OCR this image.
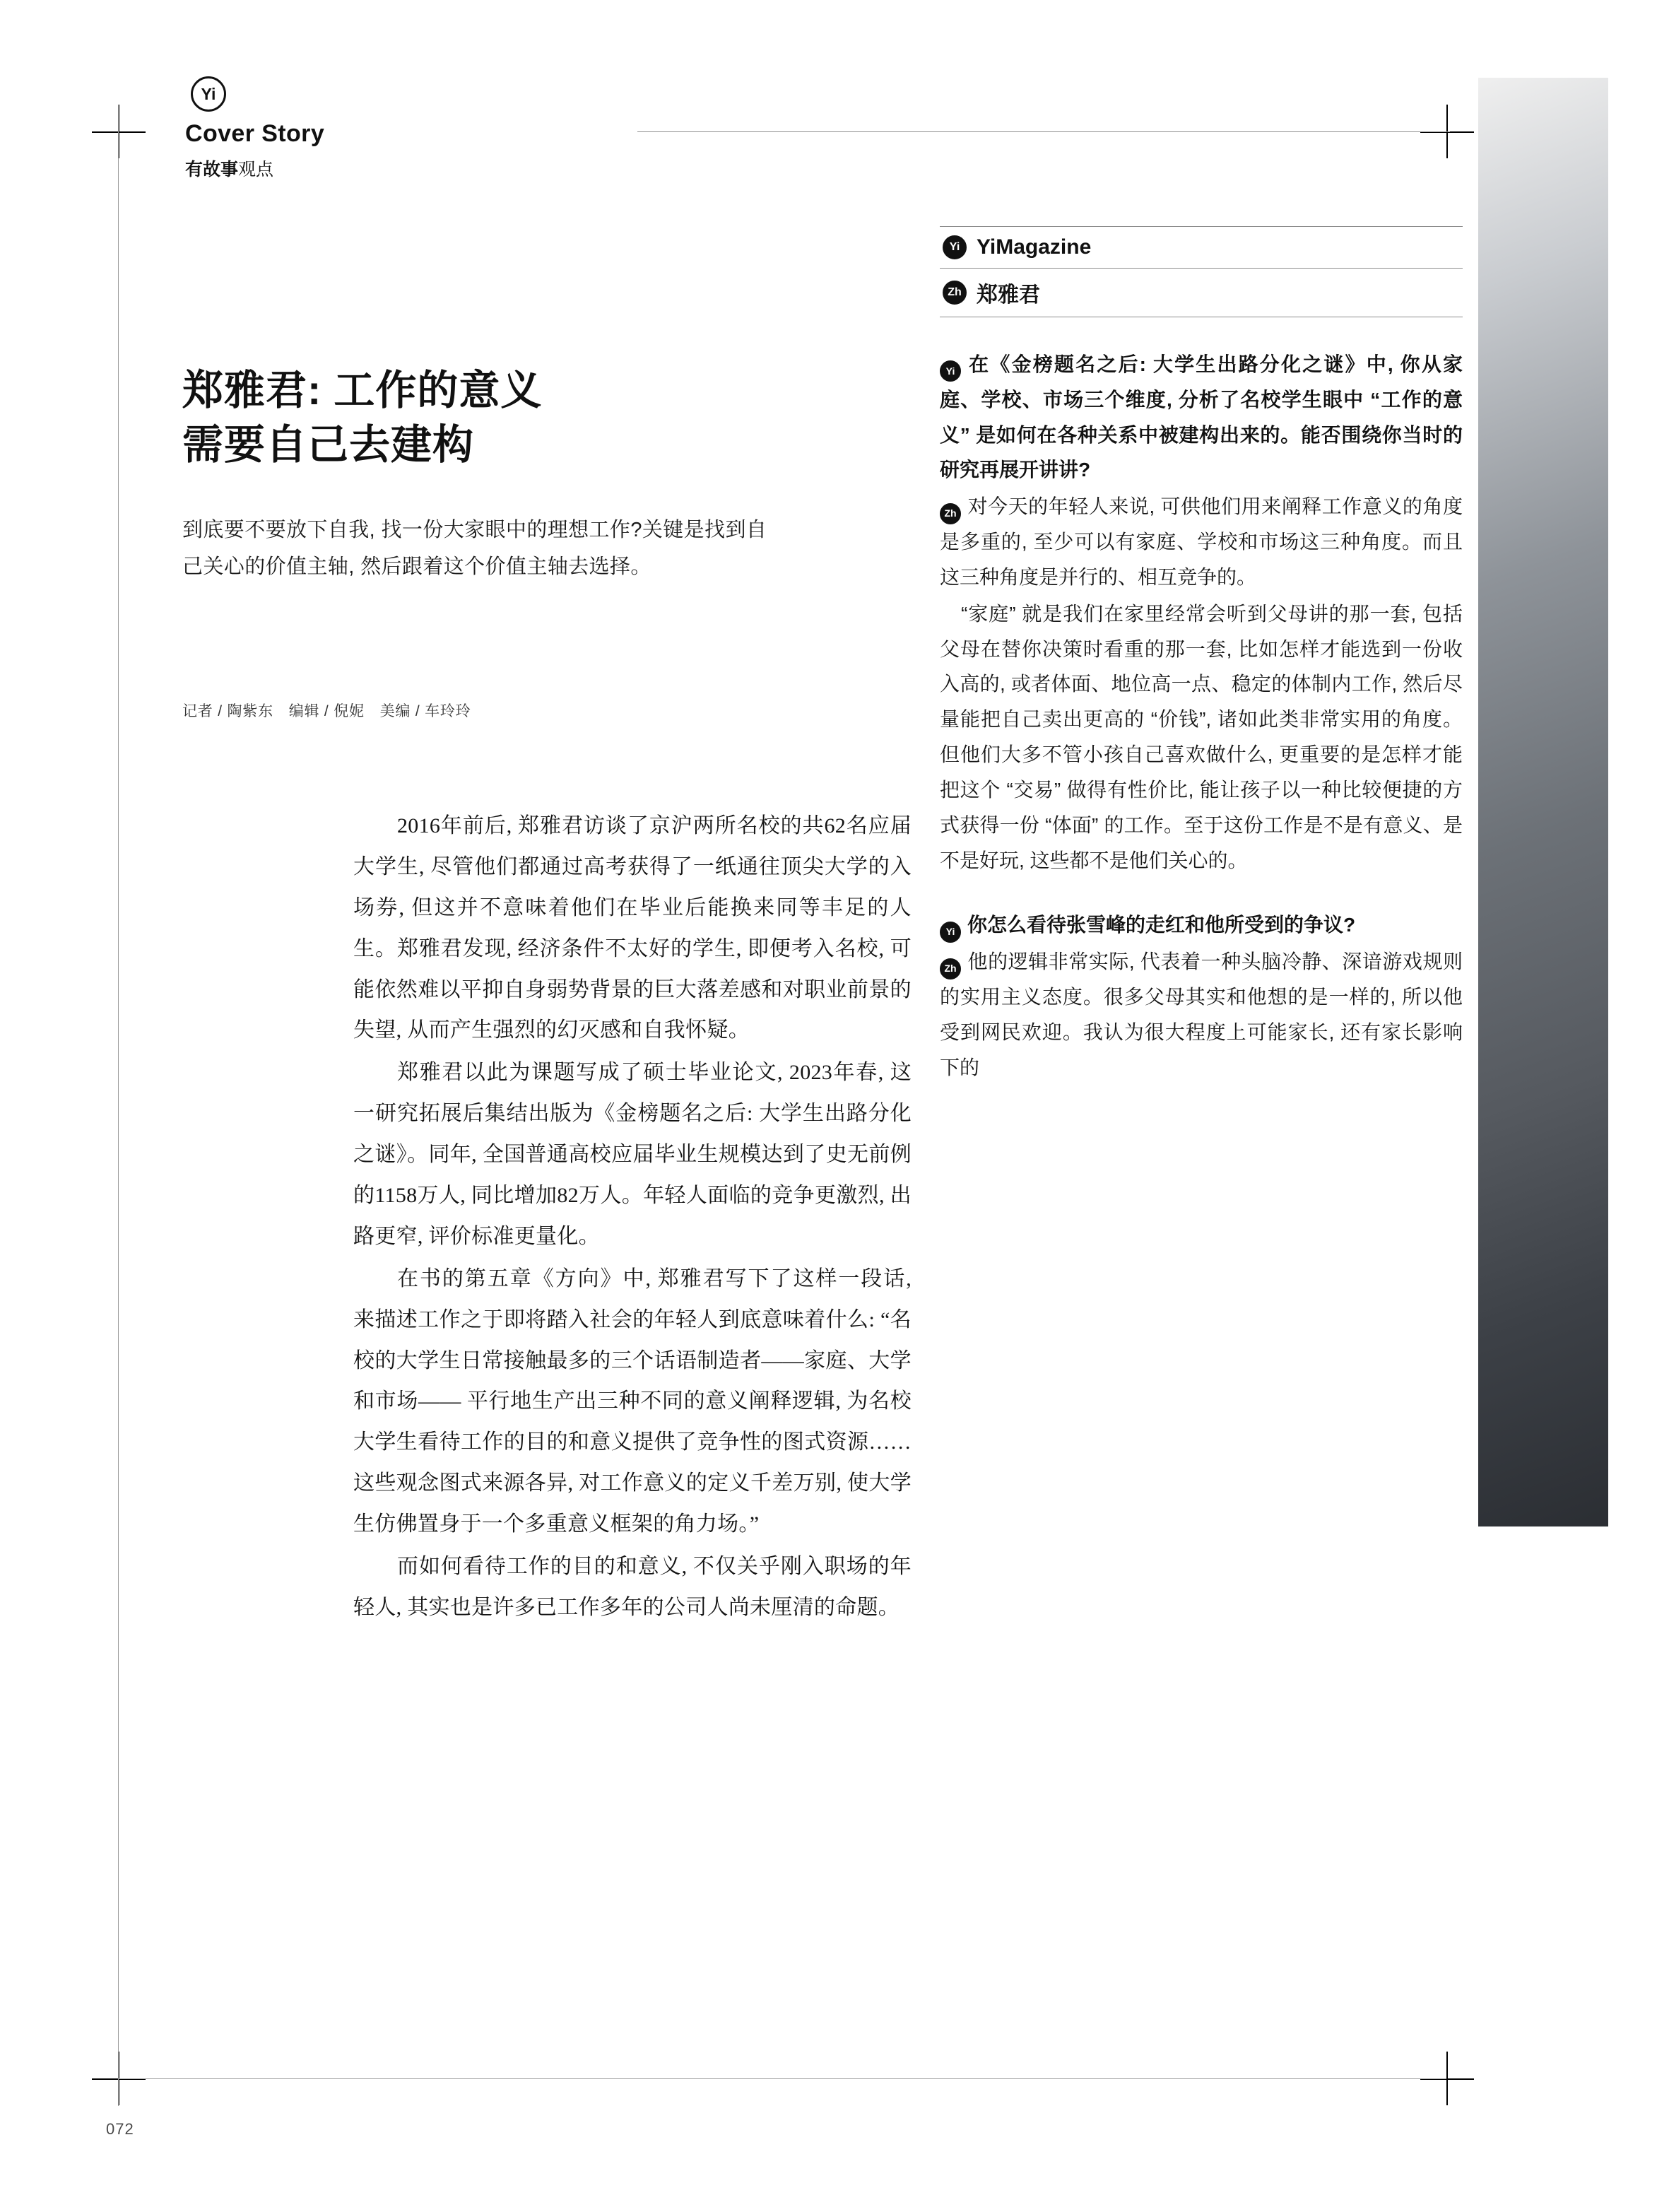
Yi
Cover Story
有故事观点
郑雅君: 工作的意义
需要自己去建构
到底要不要放下自我, 找一份大家眼中的理想工作?关键是找到自己关心的价值主轴, 然后跟着这个价值主轴去选择。
记者 / 陶紫东　编辑 / 倪妮　美编 / 车玲玲

2016年前后, 郑雅君访谈了京沪两所名校的共62名应届大学生, 尽管他们都通过高考获得了一纸通往顶尖大学的入场券, 但这并不意味着他们在毕业后能换来同等丰足的人生。郑雅君发现, 经济条件不太好的学生, 即便考入名校, 可能依然难以平抑自身弱势背景的巨大落差感和对职业前景的失望, 从而产生强烈的幻灭感和自我怀疑。

郑雅君以此为课题写成了硕士毕业论文, 2023年春, 这一研究拓展后集结出版为《金榜题名之后: 大学生出路分化之谜》。同年, 全国普通高校应届毕业生规模达到了史无前例的1158万人, 同比增加82万人。年轻人面临的竞争更激烈, 出路更窄, 评价标准更量化。

在书的第五章《方向》中, 郑雅君写下了这样一段话, 来描述工作之于即将踏入社会的年轻人到底意味着什么: “名校的大学生日常接触最多的三个话语制造者——家庭、大学和市场—— 平行地生产出三种不同的意义阐释逻辑, 为名校大学生看待工作的目的和意义提供了竞争性的图式资源……这些观念图式来源各异, 对工作意义的定义千差万别, 使大学生仿佛置身于一个多重意义框架的角力场。”

而如何看待工作的目的和意义, 不仅关乎刚入职场的年轻人, 其实也是许多已工作多年的公司人尚未厘清的命题。

Yi YiMagazine
Zh 郑雅君
Yi 在《金榜题名之后: 大学生出路分化之谜》中, 你从家庭、学校、市场三个维度, 分析了名校学生眼中 “工作的意义” 是如何在各种关系中被建构出来的。能否围绕你当时的研究再展开讲讲?
Zh 对今天的年轻人来说, 可供他们用来阐释工作意义的角度是多重的, 至少可以有家庭、学校和市场这三种角度。而且这三种角度是并行的、相互竞争的。
“家庭” 就是我们在家里经常会听到父母讲的那一套, 包括父母在替你决策时看重的那一套, 比如怎样才能选到一份收入高的, 或者体面、地位高一点、稳定的体制内工作, 然后尽量能把自己卖出更高的 “价钱”, 诸如此类非常实用的角度。但他们大多不管小孩自己喜欢做什么, 更重要的是怎样才能把这个 “交易” 做得有性价比, 能让孩子以一种比较便捷的方式获得一份 “体面” 的工作。至于这份工作是不是有意义、是不是好玩, 这些都不是他们关心的。
Yi 你怎么看待张雪峰的走红和他所受到的争议?
Zh 他的逻辑非常实际, 代表着一种头脑冷静、深谙游戏规则的实用主义态度。很多父母其实和他想的是一样的, 所以他受到网民欢迎。我认为很大程度上可能家长, 还有家长影响下的
072
